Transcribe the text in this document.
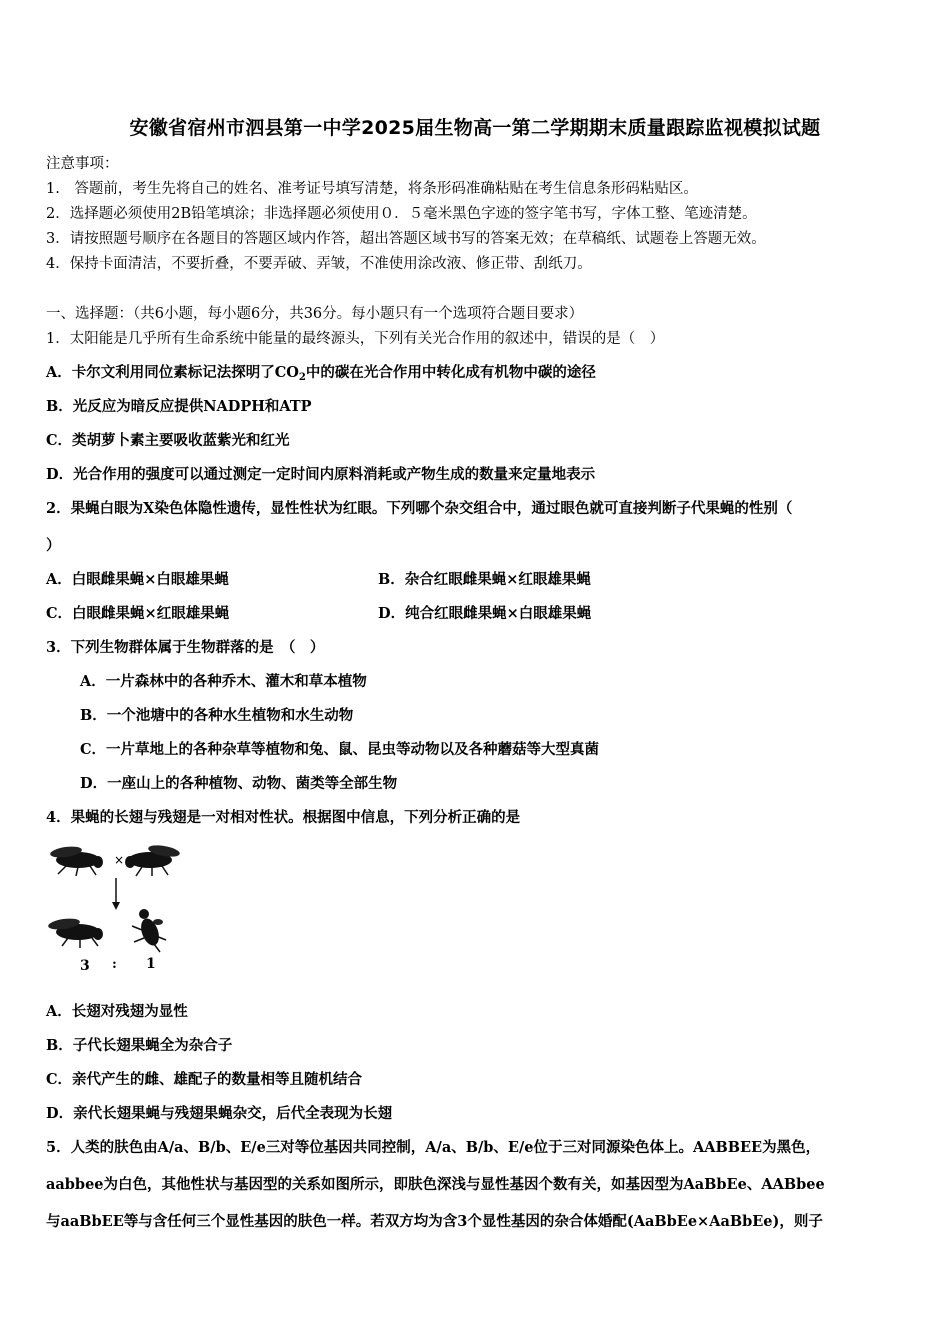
安徽省宿州市泗县第一中学2025届生物高一第二学期期末质量跟踪监视模拟试题
注意事项：
1.　答题前，考生先将自己的姓名、准考证号填写清楚，将条形码准确粘贴在考生信息条形码粘贴区。
2．选择题必须使用2B铅笔填涂；非选择题必须使用０．５毫米黑色字迹的签字笔书写，字体工整、笔迹清楚。
3．请按照题号顺序在各题目的答题区域内作答，超出答题区域书写的答案无效；在草稿纸、试题卷上答题无效。
4．保持卡面清洁，不要折叠，不要弄破、弄皱，不准使用涂改液、修正带、刮纸刀。
一、选择题：（共6小题，每小题6分，共36分。每小题只有一个选项符合题目要求）
1．太阳能是几乎所有生命系统中能量的最终源头，下列有关光合作用的叙述中，错误的是（　）
A．卡尔文利用同位素标记法探明了$CO_2$中的碳在光合作用中转化成有机物中碳的途径
B．光反应为暗反应提供NADPH和ATP
C．类胡萝卜素主要吸收蓝紫光和红光
D．光合作用的强度可以通过测定一定时间内原料消耗或产物生成的数量来定量地表示
2．果蝇白眼为X染色体隐性遗传，显性性状为红眼。下列哪个杂交组合中，通过眼色就可直接判断子代果蝇的性别（
）
A．白眼雌果蝇×白眼雄果蝇	B．杂合红眼雌果蝇×红眼雄果蝇
C．白眼雌果蝇×红眼雄果蝇	D．纯合红眼雌果蝇×白眼雄果蝇
3．下列生物群体属于生物群落的是　（　）
A．一片森林中的各种乔木、灌木和草本植物
B．一个池塘中的各种水生植物和水生动物
C．一片草地上的各种杂草等植物和兔、鼠、昆虫等动物以及各种蘑菇等大型真菌
D．一座山上的各种植物、动物、菌类等全部生物
4．果蝇的长翅与残翅是一对相对性状。根据图中信息，下列分析正确的是
×
3 : 1
A．长翅对残翅为显性
B．子代长翅果蝇全为杂合子
C．亲代产生的雌、雄配子的数量相等且随机结合
D．亲代长翅果蝇与残翅果蝇杂交，后代全表现为长翅
5．人类的肤色由A/a、B/b、E/e三对等位基因共同控制，A/a、B/b、E/e位于三对同源染色体上。AABBEE为黑色，
aabbee为白色，其他性状与基因型的关系如图所示，即肤色深浅与显性基因个数有关，如基因型为AaBbEe、AABbee
与aaBbEE等与含任何三个显性基因的肤色一样。若双方均为含3个显性基因的杂合体婚配(AaBbEe×AaBbEe)，则子
